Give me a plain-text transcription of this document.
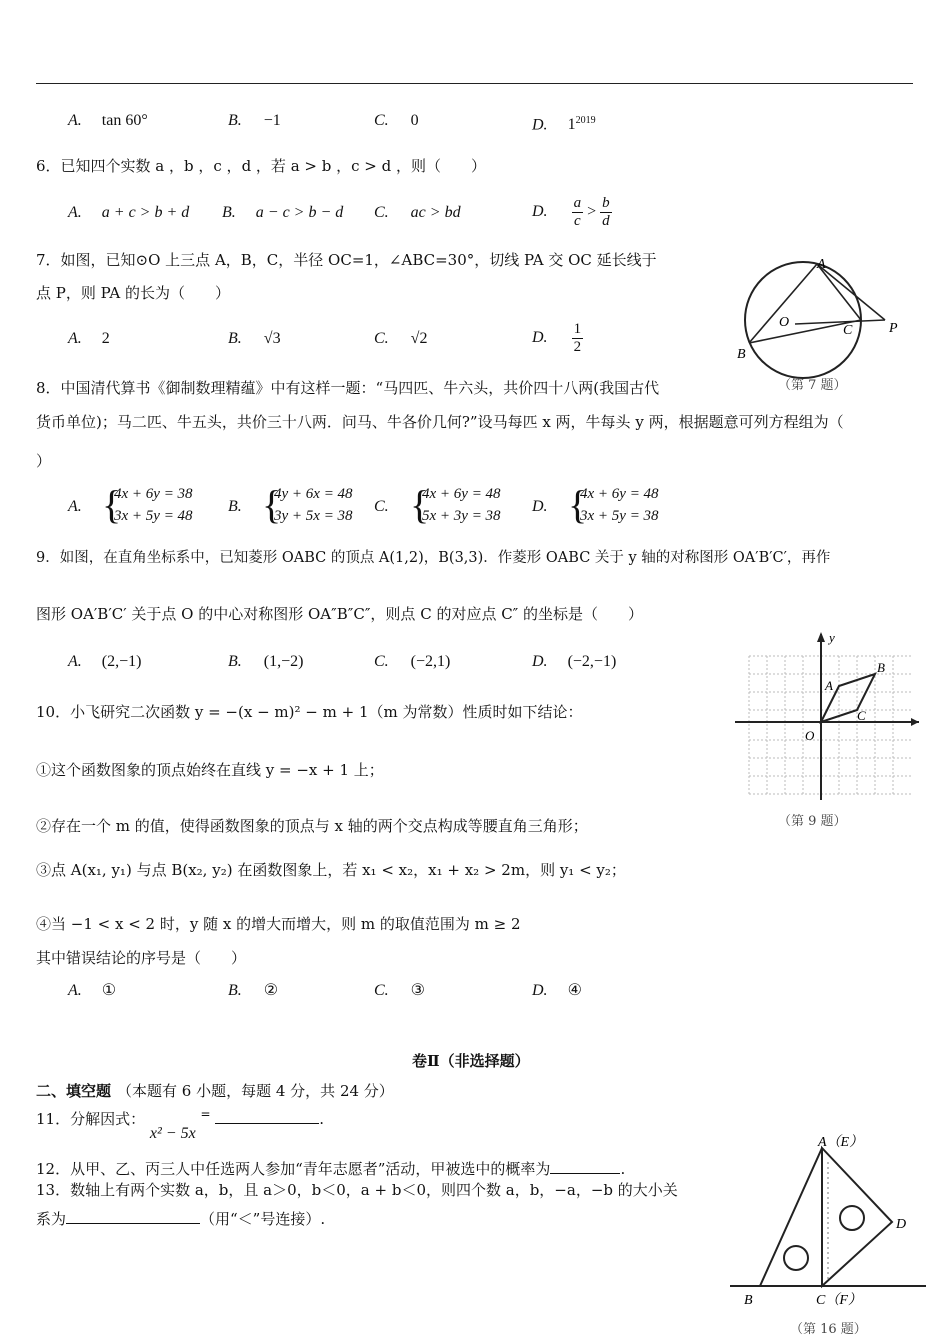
A. tan 60°	B. −1	C. 0	D. $1^{2019}$
6．已知四个实数 a ，b ，c ，d ，若 a > b ，c > d ，则（　　）
A. a + c > b + d B. a − c > b − d C. ac > bd	D. $\frac{a}{c} > \frac{b}{d}$
7．如图，已知⊙O 上三点 A，B，C，半径 OC=1，∠ABC=30°，切线 PA 交 OC 延长线于
点 P，则 PA 的长为（　　）
A. 2	B. √3	C. √2	D. $\frac{1}{2}$
A
O
C	P
B
（第 7 题）
8．中国清代算书《御制数理精蕴》中有这样一题：“马四匹、牛六头，共价四十八两(我国古代
货币单位)；马二匹、牛五头，共价三十八两．问马、牛各价几何?”设马每匹 x 两，牛每头 y 两，根据题意可列方程组为（
）
A. {
4x + 6y = 38
3x + 5y = 48
B. {
4y + 6x = 48
3y + 5x = 38
C. {
4x + 6y = 48
5x + 3y = 38
D. {
4x + 6y = 48
3x + 5y = 38
9．如图，在直角坐标系中，已知菱形 OABC 的顶点 A(1,2)，B(3,3)．作菱形 OABC 关于 y 轴的对称图形 OA′B′C′，再作
图形 OA′B′C′ 关于点 O 的中心对称图形 OA″B″C″，则点 C 的对应点 C″ 的坐标是（　　）
A. (2,−1)	B. (1,−2)	C. (−2,1)	D. (−2,−1)
y
A
B
C
O
（第 9 题）
10．小飞研究二次函数 y = −(x − m)² − m + 1（m 为常数）性质时如下结论：
①这个函数图象的顶点始终在直线 y = −x + 1 上；
②存在一个 m 的值，使得函数图象的顶点与 x 轴的两个交点构成等腰直角三角形；
③点 A(x₁, y₁) 与点 B(x₂, y₂) 在函数图象上，若 x₁ < x₂，x₁ + x₂ > 2m，则 y₁ < y₂；
④当 −1 < x < 2 时，y 随 x 的增大而增大，则 m 的取值范围为 m ≥ 2
其中错误结论的序号是（　　）
A. ①	B. ②	C. ③	D. ④
卷Ⅱ（非选择题）
二、填空题 （本题有 6 小题，每题 4 分，共 24 分）
11．分解因式： x² − 5x =	.
12．从甲、乙、丙三人中任选两人参加“青年志愿者”活动，甲被选中的概率为	.
13．数轴上有两个实数 a，b，且 a＞0，b＜0，a + b＜0，则四个数 a，b，−a，−b 的大小关
系为	（用“＜”号连接）.
A（E）
D
B	C（F）
（第 16 题）
